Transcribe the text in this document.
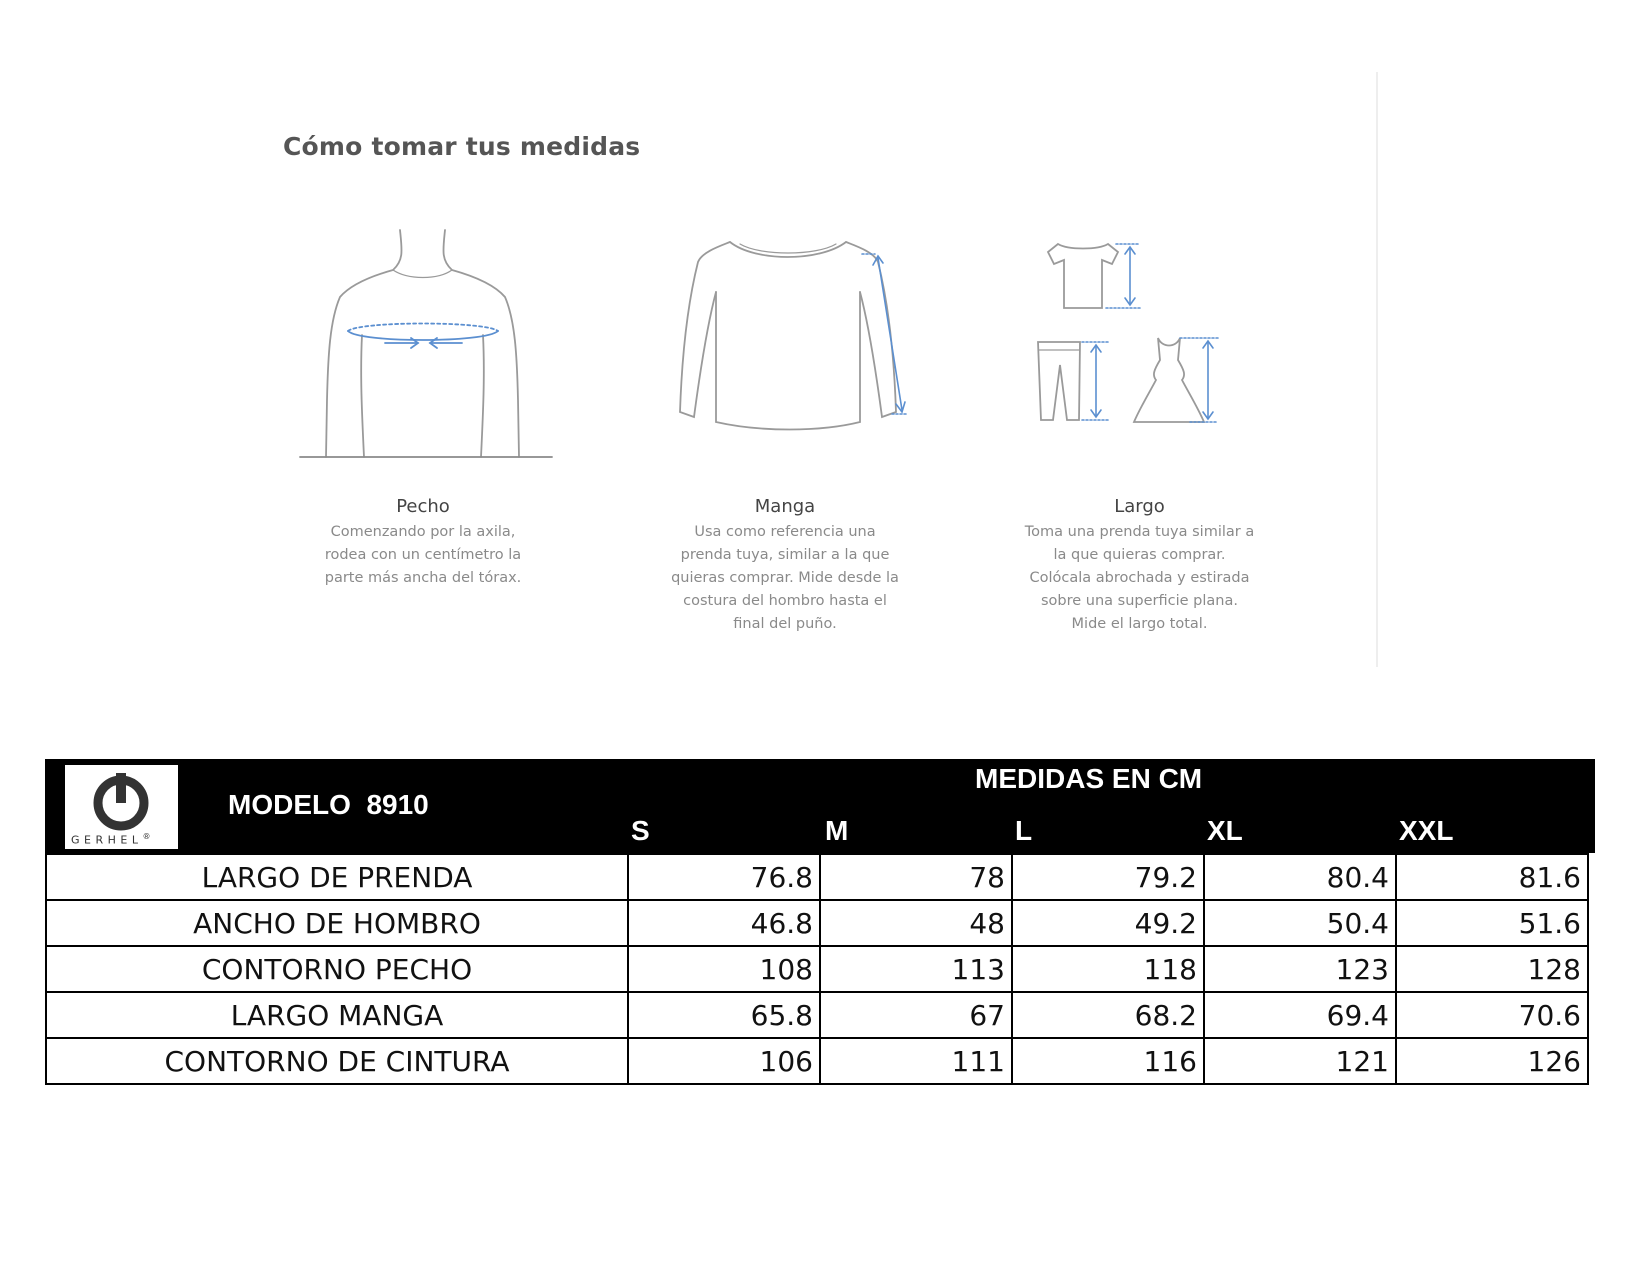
Cómo tomar tus medidas
Pecho

Comenzando por la axila,

rodea con un centímetro la

parte más ancha del tórax.

Manga

Usa como referencia una

prenda tuya, similar a la que

quieras comprar. Mide desde la

costura del hombro hasta el

final del puño.

Largo

Toma una prenda tuya similar a

la que quieras comprar.

Colócala abrochada y estirada

sobre una superficie plana.

Mide el largo total.

GERHEL®
MODELO  8910
MEDIDAS EN CM
S	M	L	XL	XXL
LARGO DE PRENDA	76.8	78	79.2	80.4	81.6
ANCHO DE HOMBRO	46.8	48	49.2	50.4	51.6
CONTORNO PECHO	108	113	118	123	128
LARGO MANGA	65.8	67	68.2	69.4	70.6
CONTORNO DE CINTURA	106	111	116	121	126
